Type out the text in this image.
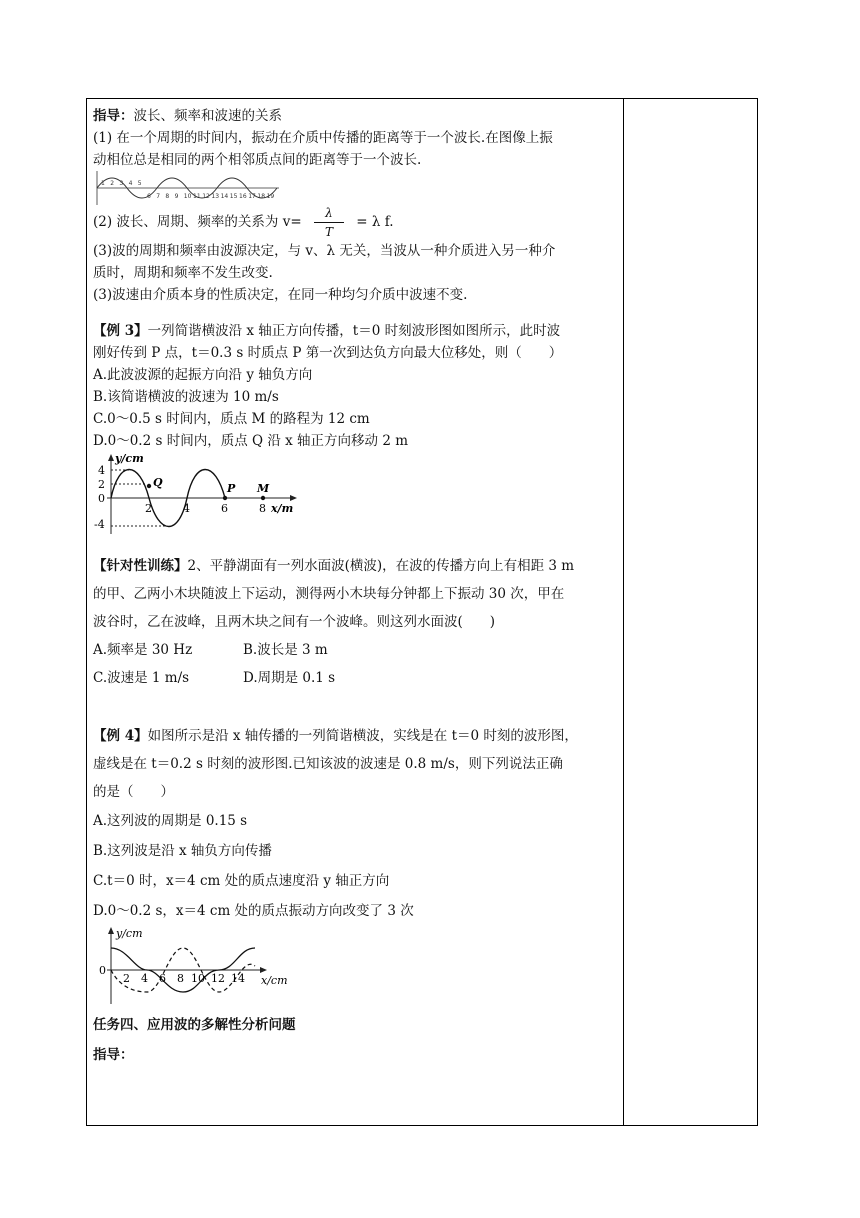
指导：波长、频率和波速的关系

(1) 在一个周期的时间内，振动在介质中传播的距离等于一个波长.在图像上振

动相位总是相同的两个相邻质点间的距离等于一个波长.

1 2 3 4 5
6 7 8 9 10 11 12 13 14 15 16 17 18 19

(2) 波长、周期、频率的关系为 $v= \frac{\lambda}{T} = \lambda$ f.

(3)波的周期和频率由波源决定，与 v、λ 无关，当波从一种介质进入另一种介

质时，周期和频率不发生改变.

(3)波速由介质本身的性质决定，在同一种均匀介质中波速不变.

【例 3】一列简谐横波沿 x 轴正方向传播，t＝0 时刻波形图如图所示，此时波

刚好传到 P 点，t＝0.3 s 时质点 P 第一次到达负方向最大位移处，则（　　）

A.此波波源的起振方向沿 y 轴负方向

B.该简谐横波的波速为 10 m/s

C.0～0.5 s 时间内，质点 M 的路程为 12 cm

D.0～0.2 s 时间内，质点 Q 沿 x 轴正方向移动 2 m

y/cm
x/m
4
2
0
-4
Q	P M
2	4	6	8

【针对性训练】2、平静湖面有一列水面波(横波)，在波的传播方向上有相距 3 m

的甲、乙两小木块随波上下运动，测得两小木块每分钟都上下振动 30 次，甲在

波谷时，乙在波峰，且两木块之间有一个波峰。则这列水面波(　　)

A.频率是 30 Hz	B.波长是 3 m

C.波速是 1 m/s	D.周期是 0.1 s

【例 4】如图所示是沿 x 轴传播的一列简谐横波，实线是在 t＝0 时刻的波形图，

虚线是在 t＝0.2 s 时刻的波形图.已知该波的波速是 0.8 m/s，则下列说法正确

的是（　　）

A.这列波的周期是 0.15 s

B.这列波是沿 x 轴负方向传播

C.t＝0 时，x＝4 cm 处的质点速度沿 y 轴正方向

D.0～0.2 s，x＝4 cm 处的质点振动方向改变了 3 次

y/cm
x/cm
0
2 4 6 8 10 12 14

任务四、应用波的多解性分析问题

指导：
